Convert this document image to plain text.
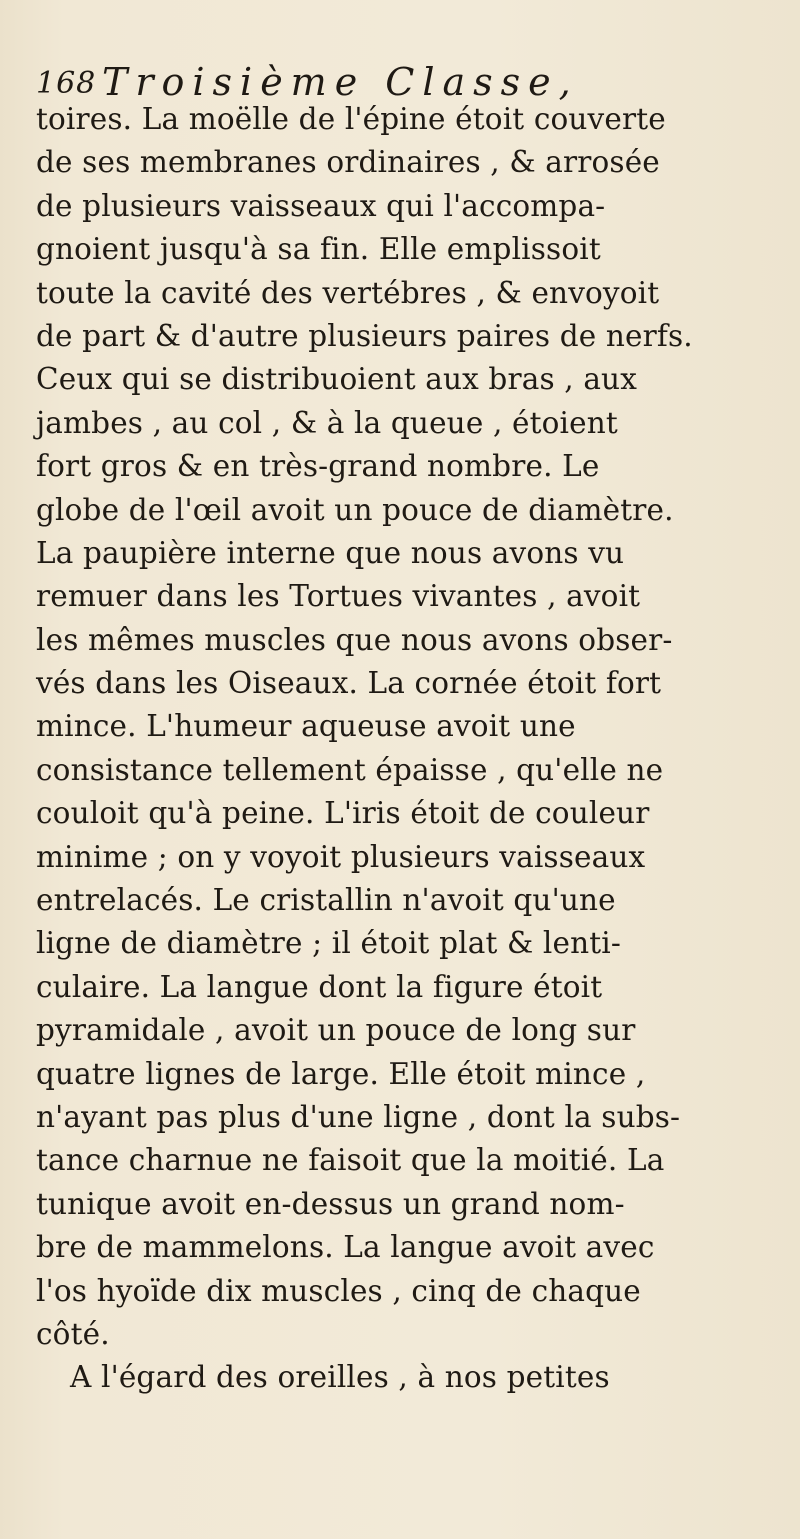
168 Troisième Classe,
toires. La moëlle de l'épine étoit couverte
de ses membranes ordinaires , & arrosée
de plusieurs vaisseaux qui l'accompa-
gnoient jusqu'à sa fin. Elle emplissoit
toute la cavité des vertébres , & envoyoit
de part & d'autre plusieurs paires de nerfs.
Ceux qui se distribuoient aux bras , aux
jambes , au col , & à la queue , étoient
fort gros & en très-grand nombre. Le
globe de l'œil avoit un pouce de diamètre.
La paupière interne que nous avons vu
remuer dans les Tortues vivantes , avoit
les mêmes muscles que nous avons obser-
vés dans les Oiseaux. La cornée étoit fort
mince. L'humeur aqueuse avoit une
consistance tellement épaisse , qu'elle ne
couloit qu'à peine. L'iris étoit de couleur
minime ; on y voyoit plusieurs vaisseaux
entrelacés. Le cristallin n'avoit qu'une
ligne de diamètre ; il étoit plat & lenti-
culaire. La langue dont la figure étoit
pyramidale , avoit un pouce de long sur
quatre lignes de large. Elle étoit mince ,
n'ayant pas plus d'une ligne , dont la subs-
tance charnue ne faisoit que la moitié. La
tunique avoit en-dessus un grand nom-
bre de mammelons. La langue avoit avec
l'os hyoïde dix muscles , cinq de chaque
côté.
A l'égard des oreilles , à nos petites
